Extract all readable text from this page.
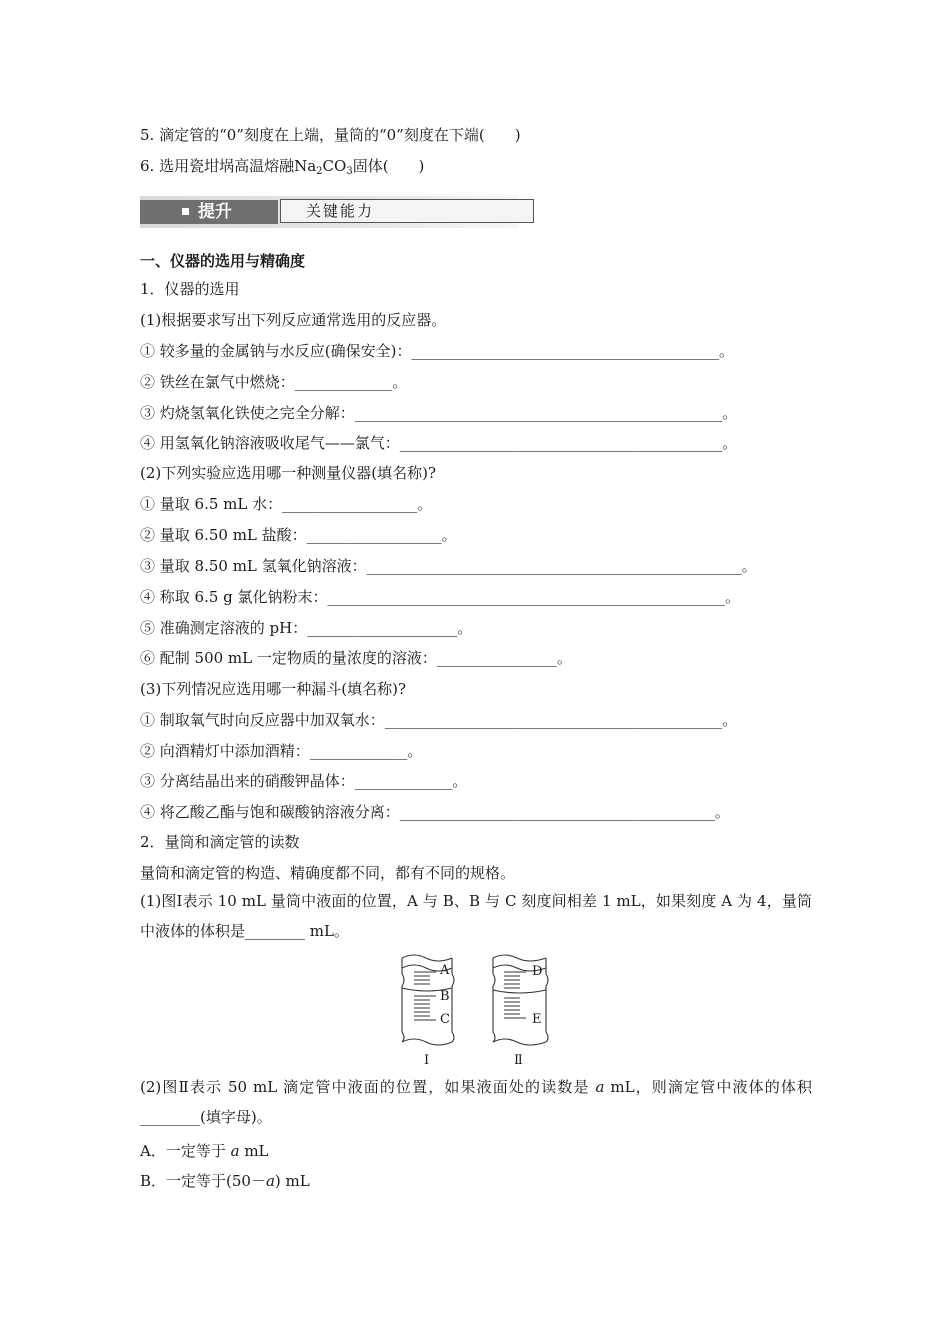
5. 滴定管的“0”刻度在上端，量筒的“0”刻度在下端(　　)
6. 选用瓷坩埚高温熔融$Na_2CO_3$固体(　　)
提升	关键能力
一、仪器的选用与精确度
1．仪器的选用
(1)根据要求写出下列反应通常选用的反应器。
① 较多量的金属钠与水反应(确保安全)：_________________________________________。
② 铁丝在氯气中燃烧：_____________。
③ 灼烧氢氧化铁使之完全分解：_________________________________________________。
④ 用氢氧化钠溶液吸收尾气——氯气：___________________________________________。
(2)下列实验应选用哪一种测量仪器(填名称)?
① 量取 6.5 mL 水：__________________。
② 量取 6.50 mL 盐酸：__________________。
③ 量取 8.50 mL 氢氧化钠溶液：__________________________________________________。
④ 称取 6.5 g 氯化钠粉末：_____________________________________________________。
⑤ 准确测定溶液的 pH：____________________。
⑥ 配制 500 mL 一定物质的量浓度的溶液：________________。
(3)下列情况应选用哪一种漏斗(填名称)?
① 制取氧气时向反应器中加双氧水：_____________________________________________。
② 向酒精灯中添加酒精：_____________。
③ 分离结晶出来的硝酸钾晶体：_____________。
④ 将乙酸乙酯与饱和碳酸钠溶液分离：__________________________________________。
2．量筒和滴定管的读数
量筒和滴定管的构造、精确度都不同，都有不同的规格。
(1)图Ⅰ表示 10 mL 量筒中液面的位置，A 与 B、B 与 C 刻度间相差 1 mL，如果刻度 A 为 4，量筒中液体的体积是________ mL。
A
B
C
D
E
Ⅰ	Ⅱ
(2)图Ⅱ表示 50 mL 滴定管中液面的位置，如果液面处的读数是 a mL，则滴定管中液体的体积________(填字母)。
A．一定等于 a mL
B．一定等于(50－a) mL
